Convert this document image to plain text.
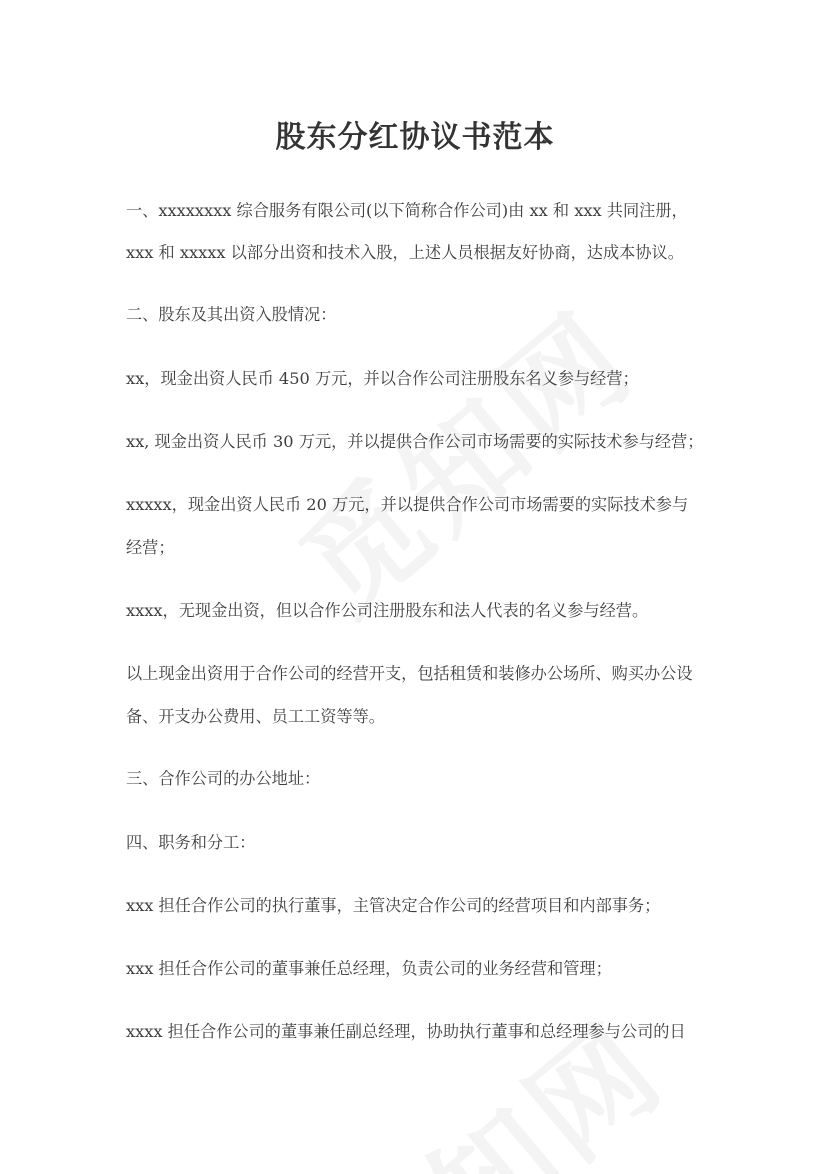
股东分红协议书范本

一、xxxxxxxx 综合服务有限公司(以下简称合作公司)由 xx 和 xxx 共同注册，

xxx 和 xxxxx 以部分出资和技术入股，上述人员根据友好协商，达成本协议。

二、股东及其出资入股情况：

xx，现金出资人民币 450 万元，并以合作公司注册股东名义参与经营；

xx, 现金出资人民币 30 万元，并以提供合作公司市场需要的实际技术参与经营；

xxxxx，现金出资人民币 20 万元，并以提供合作公司市场需要的实际技术参与

经营；

xxxx，无现金出资，但以合作公司注册股东和法人代表的名义参与经营。

以上现金出资用于合作公司的经营开支，包括租赁和装修办公场所、购买办公设

备、开支办公费用、员工工资等等。

三、合作公司的办公地址：

四、职务和分工：

xxx 担任合作公司的执行董事，主管决定合作公司的经营项目和内部事务；

xxx 担任合作公司的董事兼任总经理，负责公司的业务经营和管理；

xxxx 担任合作公司的董事兼任副总经理，协助执行董事和总经理参与公司的日
